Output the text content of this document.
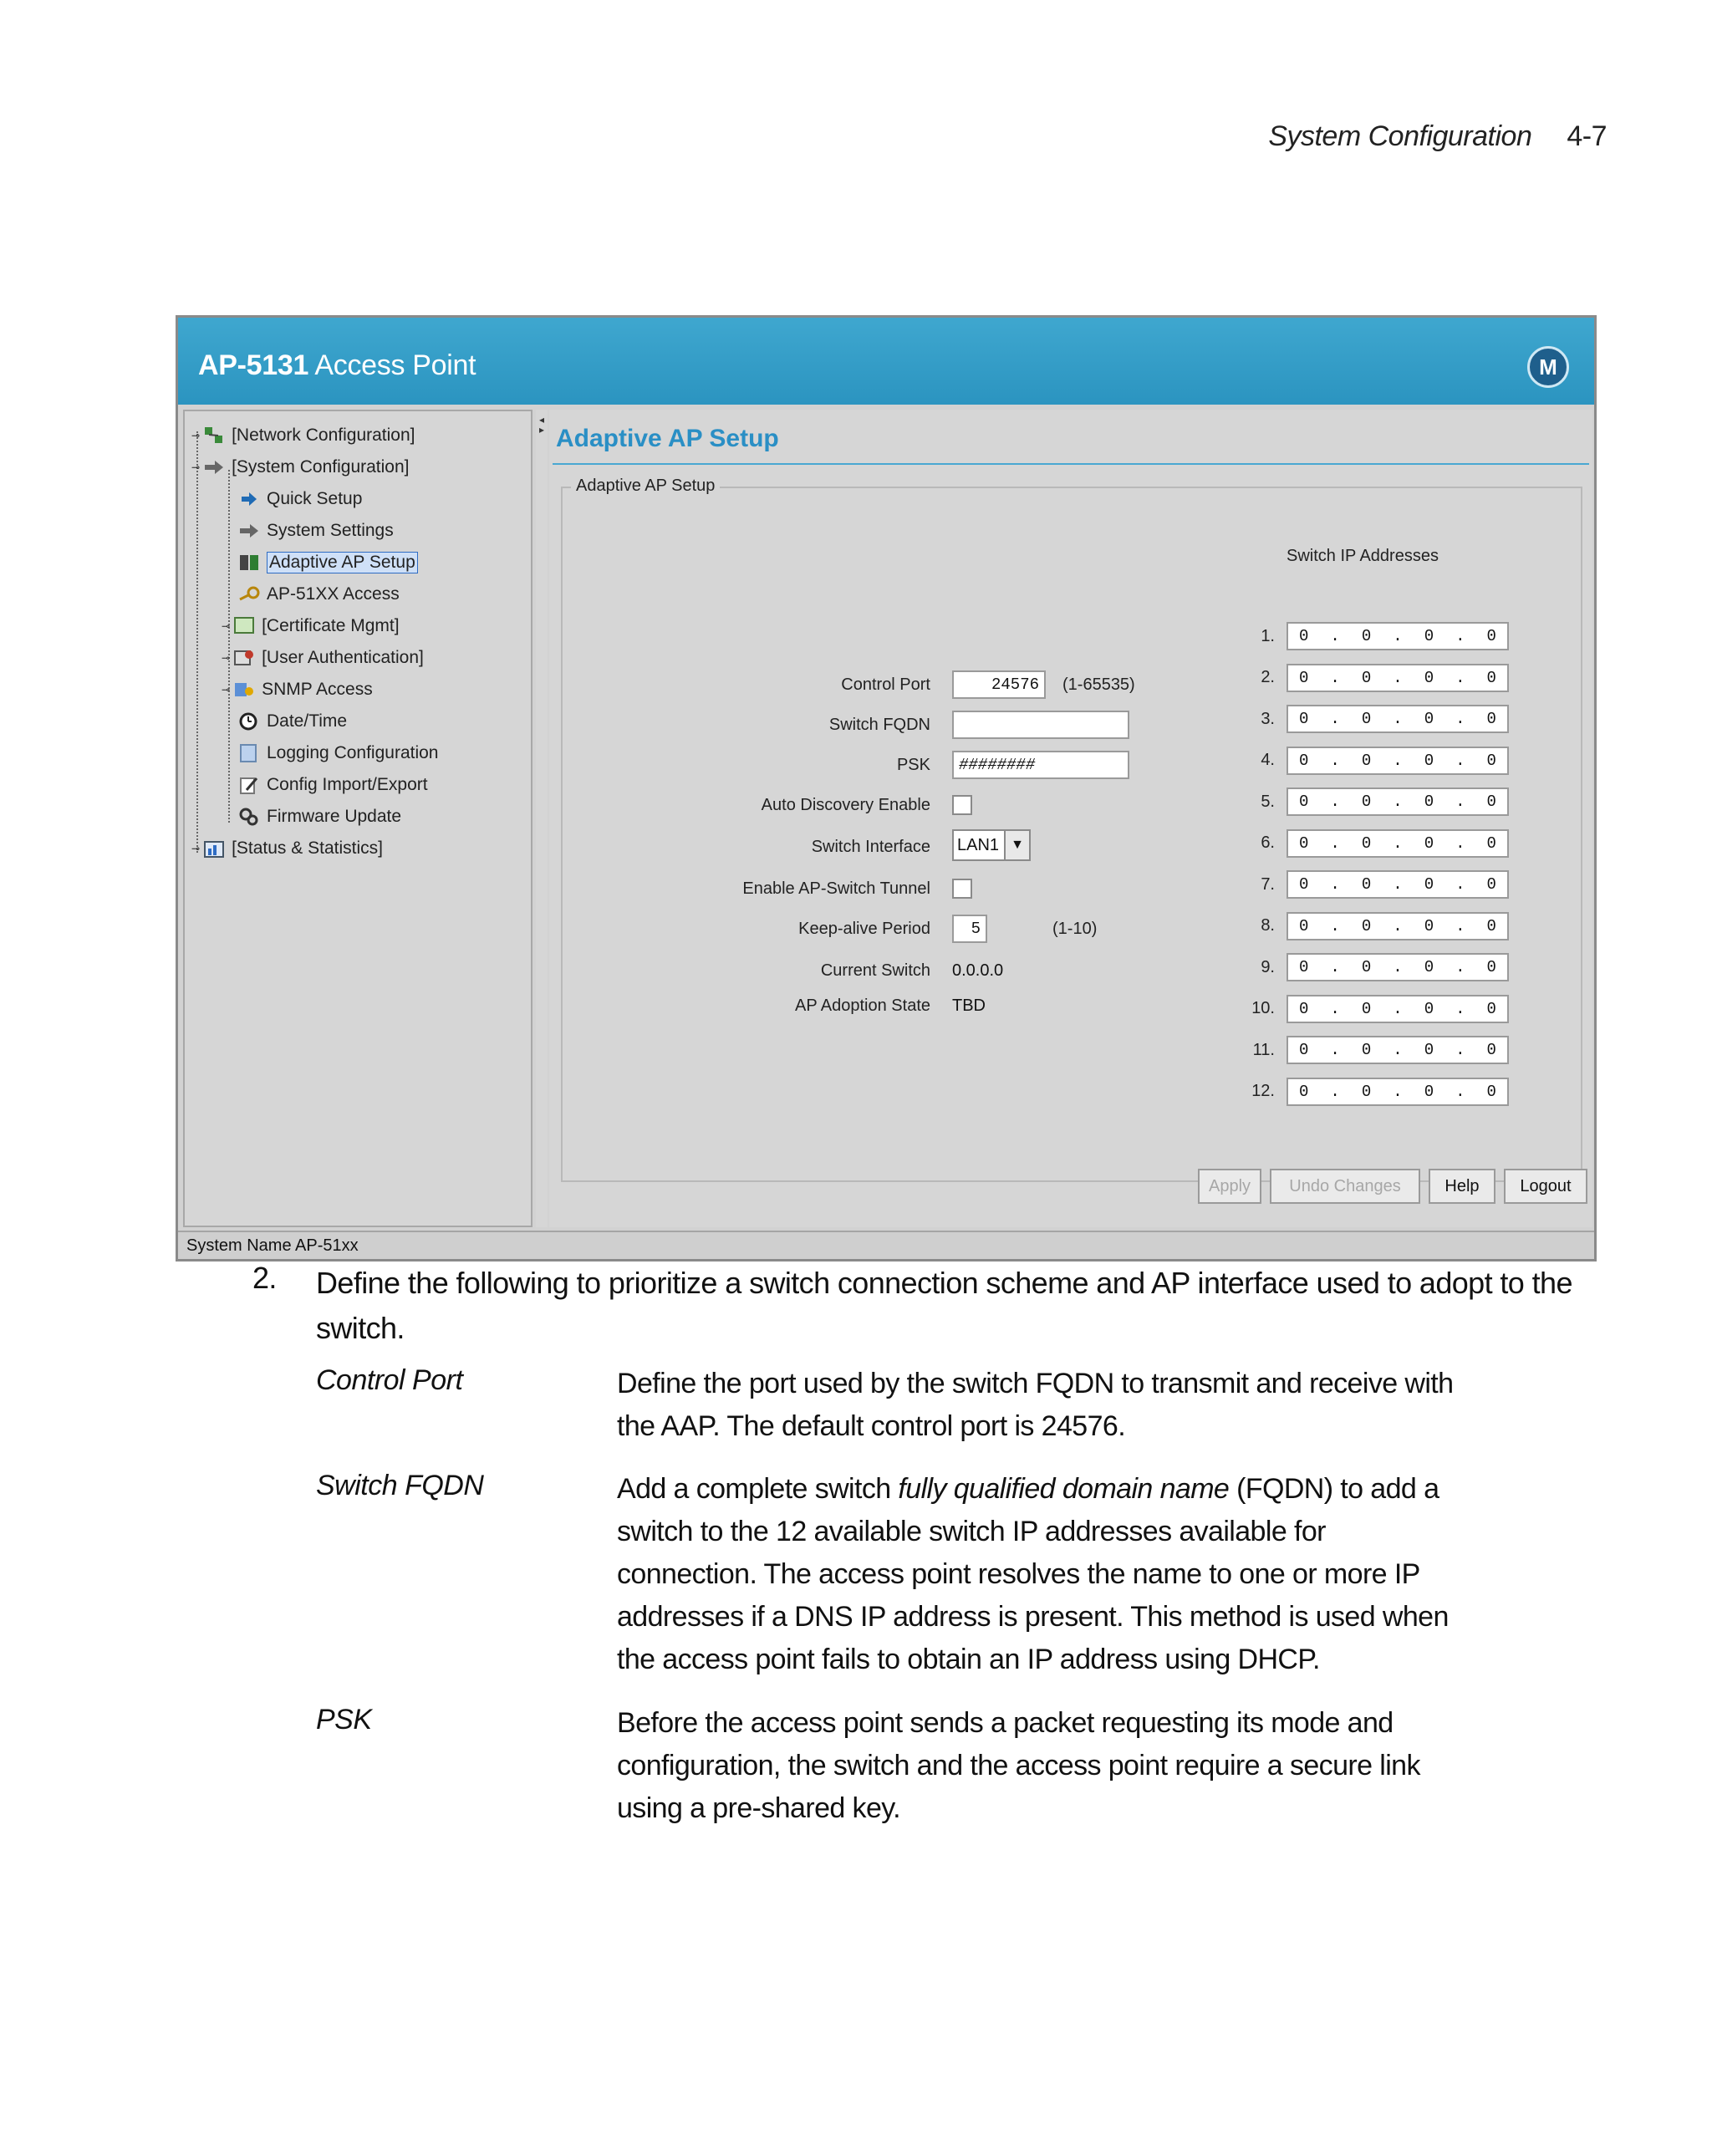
System Configuration 4-7
AP-5131 Access Point	M
⊸ [Network Configuration]
⊸ [System Configuration]
Quick Setup
System Settings
Adaptive AP Setup
AP-51XX Access
⊸ [Certificate Mgmt]
⊸ [User Authentication]
⊸ SNMP Access
Date/Time
Logging Configuration
Config Import/Export
Firmware Update
⊸ [Status & Statistics]
◂
▸ Adaptive AP Setup
Adaptive AP Setup
Control Port	24576	(1-65535)
Switch FQDN
PSK	########
Auto Discovery Enable
Switch Interface LAN1 ▼
Enable AP-Switch Tunnel
Keep-alive Period	5	(1-10)
Current Switch 0.0.0.0
AP Adoption State TBD
Switch IP Addresses
1. 0 . 0 . 0 . 0
2. 0 . 0 . 0 . 0
3. 0 . 0 . 0 . 0
4. 0 . 0 . 0 . 0
5. 0 . 0 . 0 . 0
6. 0 . 0 . 0 . 0
7. 0 . 0 . 0 . 0
8. 0 . 0 . 0 . 0
9. 0 . 0 . 0 . 0
10. 0 . 0 . 0 . 0
11. 0 . 0 . 0 . 0
12. 0 . 0 . 0 . 0
Apply	Undo Changes	Help	Logout
System Name AP-51xx
2. Define the following to prioritize a switch connection scheme and AP interface used to adopt to the switch.
Control Port	Define the port used by the switch FQDN to transmit and receive with the AAP. The default control port is 24576.
Switch FQDN	Add a complete switch fully qualified domain name (FQDN) to add a switch to the 12 available switch IP addresses available for connection. The access point resolves the name to one or more IP addresses if a DNS IP address is present. This method is used when the access point fails to obtain an IP address using DHCP.
PSK	Before the access point sends a packet requesting its mode and configuration, the switch and the access point require a secure link using a pre-shared key.
